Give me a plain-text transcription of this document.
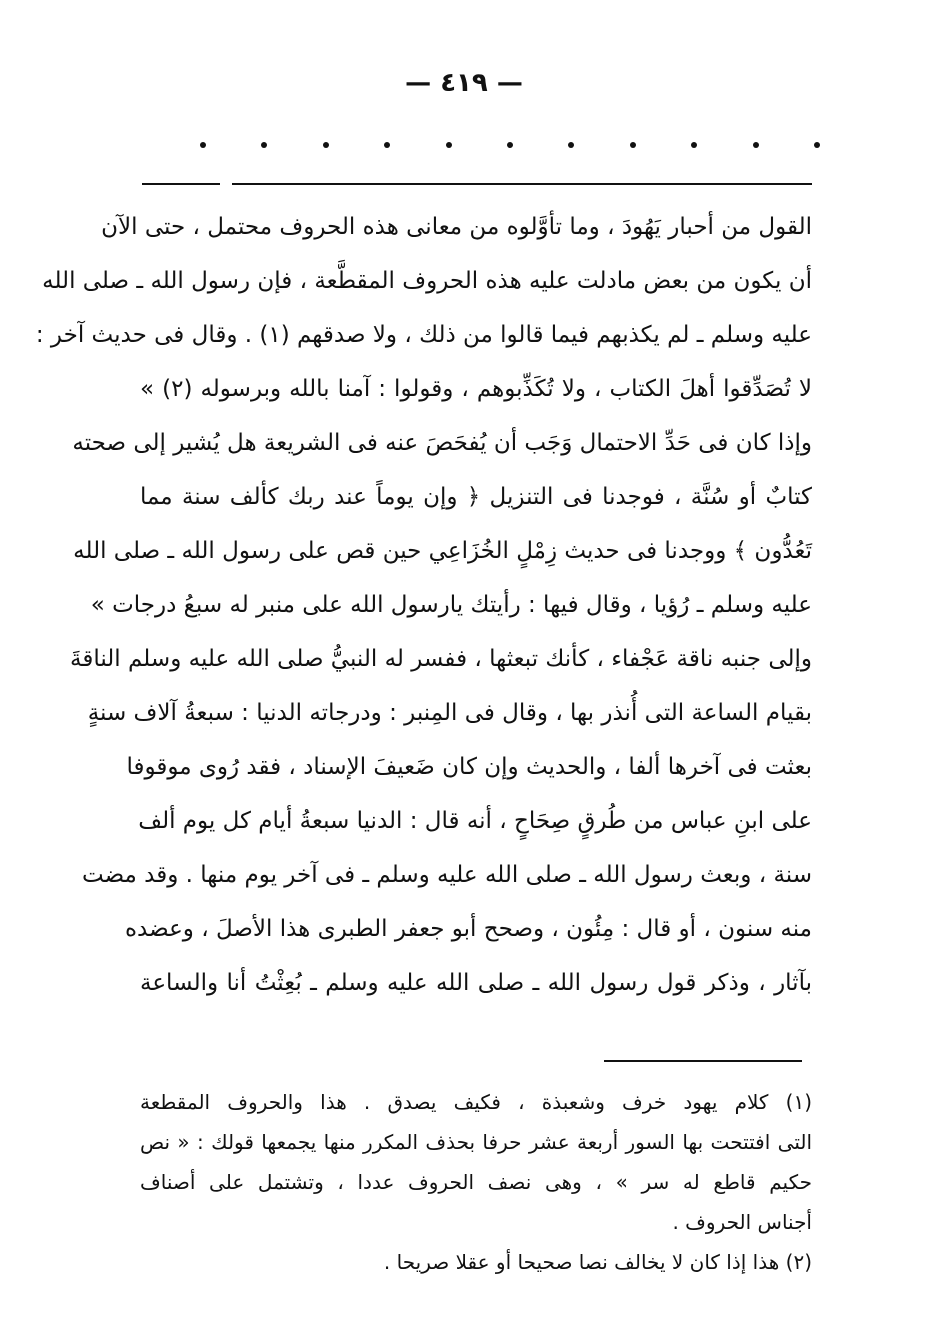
— ٤١٩ —
القول من أحبار يَهُودَ ، وما تأوَّلوه من معانى هذه الحروف محتمل ، حتى الآن
أن يكون من بعض مادلت عليه هذه الحروف المقطَّعة ، فإن رسول الله ـ صلى الله
عليه وسلم ـ لم يكذبهم فيما قالوا من ذلك ، ولا صدقهم (١) . وقال فى حديث آخر :
لا تُصَدِّقوا أهلَ الكتاب ، ولا تُكَذِّبوهم ، وقولوا : آمنا بالله وبرسوله (٢) »
وإذا كان فى حَدِّ الاحتمال وَجَب أن يُفحَصَ عنه فى الشريعة هل يُشير إلى صحته
كتابٌ أو سُنَّة ، فوجدنا فى التنزيل ﴿ وإن يوماً عند ربك كألف سنة مما
تَعُدُّون ﴾ ووجدنا فى حديث زِمْلٍ الخُزَاعِي حين قص على رسول الله ـ صلى الله
عليه وسلم ـ رُؤيا ، وقال فيها : رأيتك يارسول الله على منبر له سبعُ درجات »
وإلى جنبه ناقة عَجْفاء ، كأنك تبعثها ، ففسر له النبيُّ صلى الله عليه وسلم الناقةَ
بقيام الساعة التى أُنذر بها ، وقال فى المِنبر : ودرجاته الدنيا : سبعةُ آلاف سنةٍ
بعثت فى آخرها ألفا ، والحديث وإن كان ضَعيفَ الإسناد ، فقد رُوى موقوفا
على ابنِ عباس من طُرقٍ صِحَاحٍ ، أنه قال : الدنيا سبعةُ أيام كل يوم ألف
سنة ، وبعث رسول الله ـ صلى الله عليه وسلم ـ فى آخر يوم منها . وقد مضت
منه سنون ، أو قال : مِئُون ، وصحح أبو جعفر الطبرى هذا الأصلَ ، وعضده
بآثار ، وذكر قول رسول الله ـ صلى الله عليه وسلم ـ بُعِثْتُ أنا والساعة
(١) كلام يهود خرف وشعبذة ، فكيف يصدق . هذا والحروف المقطعة
التى افتتحت بها السور أربعة عشر حرفا بحذف المكرر منها يجمعها قولك : « نص
حكيم قاطع له سر » ، وهى نصف الحروف عددا ، وتشتمل على أصناف
أجناس الحروف .
(٢) هذا إذا كان لا يخالف نصا صحيحا أو عقلا صريحا .
